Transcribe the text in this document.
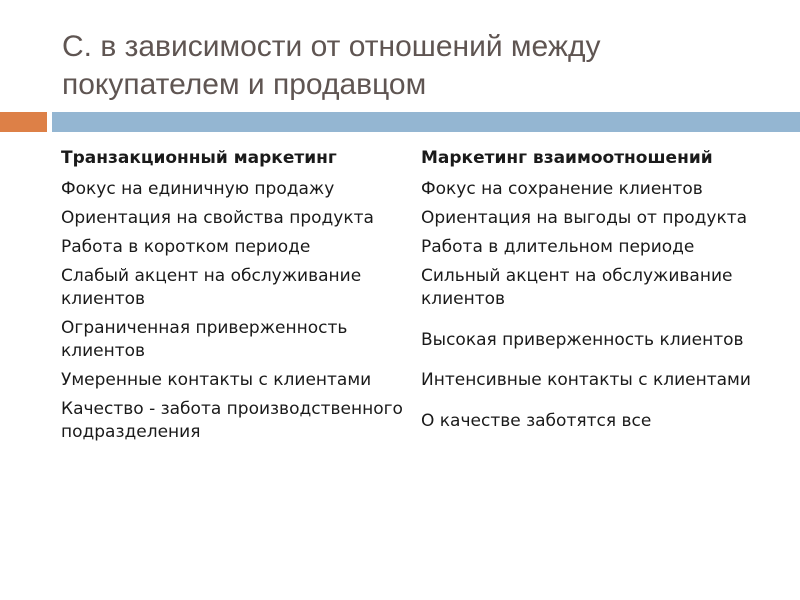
С. в зависимости от отношений между покупателем и продавцом
Транзакционный маркетинг	Маркетинг взаимоотношений
Фокус на единичную продажу	Фокус на сохранение клиентов
Ориентация на свойства продукта	Ориентация на выгоды от продукта
Работа в коротком периоде	Работа в длительном периоде
Слабый акцент на обслуживание клиентов	Сильный акцент на обслуживание клиентов
Ограниченная приверженность клиентов	Высокая приверженность клиентов
Умеренные контакты с клиентами	Интенсивные контакты с клиентами
Качество - забота производственного подразделения	О качестве заботятся все
